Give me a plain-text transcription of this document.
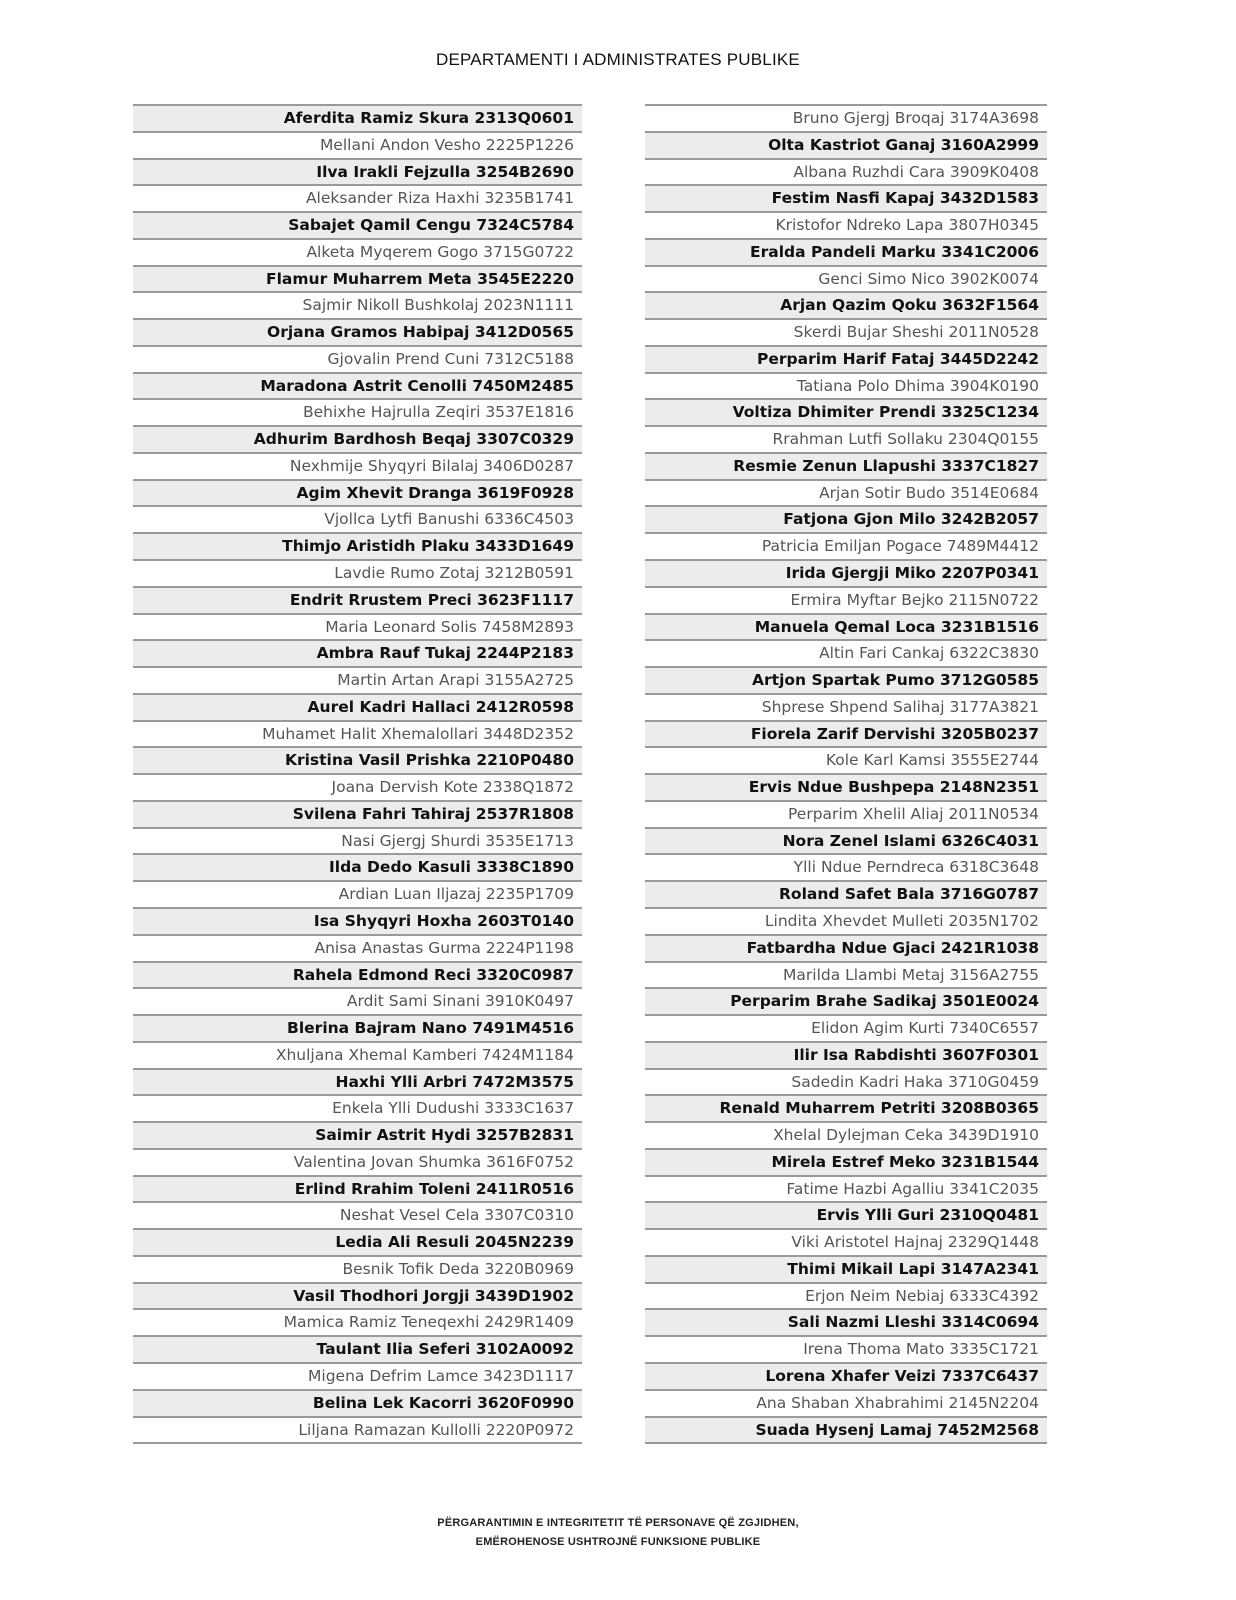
DEPARTAMENTI I ADMINISTRATES PUBLIKE
Aferdita Ramiz Skura 2313Q0601
Mellani Andon Vesho 2225P1226
Ilva Irakli Fejzulla 3254B2690
Aleksander Riza Haxhi 3235B1741
Sabajet Qamil Cengu 7324C5784
Alketa Myqerem Gogo 3715G0722
Flamur Muharrem Meta 3545E2220
Sajmir Nikoll Bushkolaj 2023N1111
Orjana Gramos Habipaj 3412D0565
Gjovalin Prend Cuni 7312C5188
Maradona Astrit Cenolli 7450M2485
Behixhe Hajrulla Zeqiri 3537E1816
Adhurim Bardhosh Beqaj 3307C0329
Nexhmije Shyqyri Bilalaj 3406D0287
Agim Xhevit Dranga 3619F0928
Vjollca Lytfi Banushi 6336C4503
Thimjo Aristidh Plaku 3433D1649
Lavdie Rumo Zotaj 3212B0591
Endrit Rrustem Preci 3623F1117
Maria Leonard Solis 7458M2893
Ambra Rauf Tukaj 2244P2183
Martin Artan Arapi 3155A2725
Aurel Kadri Hallaci 2412R0598
Muhamet Halit Xhemalollari 3448D2352
Kristina Vasil Prishka 2210P0480
Joana Dervish Kote 2338Q1872
Svilena Fahri Tahiraj 2537R1808
Nasi Gjergj Shurdi 3535E1713
Ilda Dedo Kasuli 3338C1890
Ardian Luan Iljazaj 2235P1709
Isa Shyqyri Hoxha 2603T0140
Anisa Anastas Gurma 2224P1198
Rahela Edmond Reci 3320C0987
Ardit Sami Sinani 3910K0497
Blerina Bajram Nano 7491M4516
Xhuljana Xhemal Kamberi 7424M1184
Haxhi Ylli Arbri 7472M3575
Enkela Ylli Dudushi 3333C1637
Saimir Astrit Hydi 3257B2831
Valentina Jovan Shumka 3616F0752
Erlind Rrahim Toleni 2411R0516
Neshat Vesel Cela 3307C0310
Ledia Ali Resuli 2045N2239
Besnik Tofik Deda 3220B0969
Vasil Thodhori Jorgji 3439D1902
Mamica Ramiz Teneqexhi 2429R1409
Taulant Ilia Seferi 3102A0092
Migena Defrim Lamce 3423D1117
Belina Lek Kacorri 3620F0990
Liljana Ramazan Kullolli 2220P0972
Bruno Gjergj Broqaj 3174A3698
Olta Kastriot Ganaj 3160A2999
Albana Ruzhdi Cara 3909K0408
Festim Nasfi Kapaj 3432D1583
Kristofor Ndreko Lapa 3807H0345
Eralda Pandeli Marku 3341C2006
Genci Simo Nico 3902K0074
Arjan Qazim Qoku 3632F1564
Skerdi Bujar Sheshi 2011N0528
Perparim Harif Fataj 3445D2242
Tatiana Polo Dhima 3904K0190
Voltiza Dhimiter Prendi 3325C1234
Rrahman Lutfi Sollaku 2304Q0155
Resmie Zenun Llapushi 3337C1827
Arjan Sotir Budo 3514E0684
Fatjona Gjon Milo 3242B2057
Patricia Emiljan Pogace 7489M4412
Irida Gjergji Miko 2207P0341
Ermira Myftar Bejko 2115N0722
Manuela Qemal Loca 3231B1516
Altin Fari Cankaj 6322C3830
Artjon Spartak Pumo 3712G0585
Shprese Shpend Salihaj 3177A3821
Fiorela Zarif Dervishi 3205B0237
Kole Karl Kamsi 3555E2744
Ervis Ndue Bushpepa 2148N2351
Perparim Xhelil Aliaj 2011N0534
Nora Zenel Islami 6326C4031
Ylli Ndue Perndreca 6318C3648
Roland Safet Bala 3716G0787
Lindita Xhevdet Mulleti 2035N1702
Fatbardha Ndue Gjaci 2421R1038
Marilda Llambi Metaj 3156A2755
Perparim Brahe Sadikaj 3501E0024
Elidon Agim Kurti 7340C6557
Ilir Isa Rabdishti 3607F0301
Sadedin Kadri Haka 3710G0459
Renald Muharrem Petriti 3208B0365
Xhelal Dylejman Ceka 3439D1910
Mirela Estref Meko 3231B1544
Fatime Hazbi Agalliu 3341C2035
Ervis Ylli Guri 2310Q0481
Viki Aristotel Hajnaj 2329Q1448
Thimi Mikail Lapi 3147A2341
Erjon Neim Nebiaj 6333C4392
Sali Nazmi Lleshi 3314C0694
Irena Thoma Mato 3335C1721
Lorena Xhafer Veizi 7337C6437
Ana Shaban Xhabrahimi 2145N2204
Suada Hysenj Lamaj 7452M2568
PËRGARANTIMIN E INTEGRITETIT TË PERSONAVE QË ZGJIDHEN,
EMËROHENOSE USHTROJNË FUNKSIONE PUBLIKE
